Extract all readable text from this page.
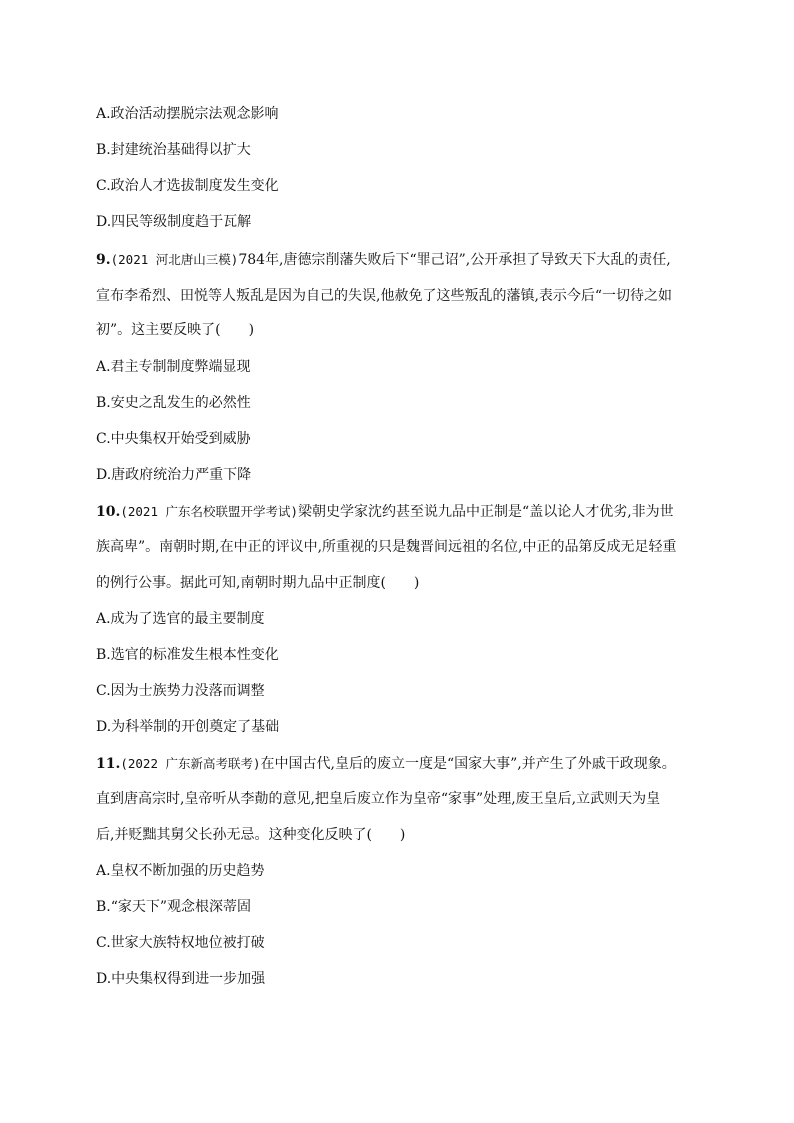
A.政治活动摆脱宗法观念影响
B.封建统治基础得以扩大
C.政治人才选拔制度发生变化
D.四民等级制度趋于瓦解
9.(2021 河北唐山三模)784年,唐德宗削藩失败后下“罪己诏”,公开承担了导致天下大乱的责任,
宣布李希烈、田悦等人叛乱是因为自己的失误,他赦免了这些叛乱的藩镇,表示今后“一切待之如
初”。这主要反映了(　　)
A.君主专制制度弊端显现
B.安史之乱发生的必然性
C.中央集权开始受到威胁
D.唐政府统治力严重下降
10.(2021 广东名校联盟开学考试)梁朝史学家沈约甚至说九品中正制是“盖以论人才优劣,非为世
族高卑”。南朝时期,在中正的评议中,所重视的只是魏晋间远祖的名位,中正的品第反成无足轻重
的例行公事。据此可知,南朝时期九品中正制度(　　)
A.成为了选官的最主要制度
B.选官的标准发生根本性变化
C.因为士族势力没落而调整
D.为科举制的开创奠定了基础
11.(2022 广东新高考联考)在中国古代,皇后的废立一度是“国家大事”,并产生了外戚干政现象。
直到唐高宗时,皇帝听从李勣的意见,把皇后废立作为皇帝“家事”处理,废王皇后,立武则天为皇
后,并贬黜其舅父长孙无忌。这种变化反映了(　　)
A.皇权不断加强的历史趋势
B.“家天下”观念根深蒂固
C.世家大族特权地位被打破
D.中央集权得到进一步加强
